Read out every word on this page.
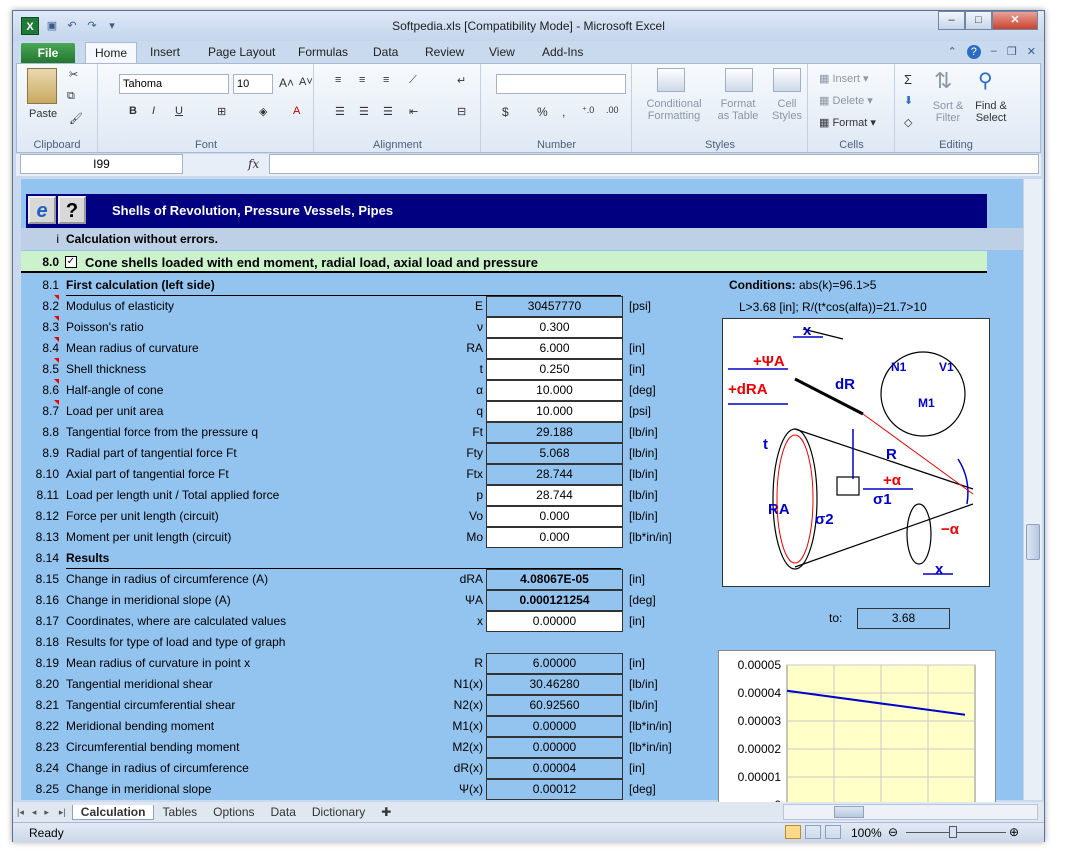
X	▣ ↶ ↷	▾	Softpedia.xls [Compatibility Mode] - Microsoft Excel	–	□	✕
File	Home	Insert Page Layout Formulas Data Review View Add-Ins	⌃	?	– ❐ ✕
Paste
✂
⧉
🖌
Clipboard
Tahoma	10	A˄ A˅
B I U	⊞	◈ A
Font
≡ ≡ ≡ ⟋	↵
☰ ☰ ☰ ⇤	⊟
Alignment
$ % , ⁺.0 .00
Number
Conditional
Formatting
Format
as Table
Cell
Styles
Styles
▦ Insert ▾
▦ Delete ▾
▦ Format ▾
Cells
Σ
⬇
◇
⇅
Sort &
Filter
⚲
Find &
Select
Editing
I99	fx
e ?	Shells of Revolution, Pressure Vessels, Pipes
i Calculation without errors.
8.0 ✓ Cone shells loaded with end moment, radial load, axial load and pressure
8.1 First calculation (left side)
8.2 Modulus of elasticity	E	30457770	[psi]
8.3 Poisson's ratio	ν	0.300
8.4 Mean radius of curvature	RA	6.000	[in]
8.5 Shell thickness	t	0.250	[in]
8.6 Half-angle of cone	α	10.000	[deg]
8.7 Load per unit area	q	10.000	[psi]
8.8 Tangential force from the pressure q	Ft	29.188	[lb/in]
8.9 Radial part of tangential force Ft	Fty	5.068	[lb/in]
8.10 Axial part of tangential force Ft	Ftx	28.744	[lb/in]
8.11 Load per length unit / Total applied force	p	28.744	[lb/in]
8.12 Force per unit length (circuit)	Vo	0.000	[lb/in]
8.13 Moment per unit length (circuit)	Mo	0.000	[lb*in/in]
8.14 Results
8.15 Change in radius of circumference (A)	dRA	4.08067E-05	[in]
8.16 Change in meridional slope (A)	ΨA	0.000121254	[deg]
8.17 Coordinates, where are calculated values	x	0.00000	[in]
8.18 Results for type of load and type of graph
8.19 Mean radius of curvature in point x	R	6.00000	[in]
8.20 Tangential meridional shear	N1(x)	30.46280	[lb/in]
8.21 Tangential circumferential shear	N2(x)	60.92560	[lb/in]
8.22 Meridional bending moment	M1(x)	0.00000	[lb*in/in]
8.23 Circumferential bending moment	M2(x)	0.00000	[lb*in/in]
8.24 Change in radius of circumference	dR(x)	0.00004	[in]
8.25 Change in meridional slope	Ψ(x)	0.00012	[deg]
Conditions: abs(k)=96.1>5
L>3.68 [in]; R/(t*cos(alfa))=21.7>10
+ΨA
+dRA
x
dR
t
R
+α
σ1
σ2
RA
−α
x
N1	V1
M1
to:	3.68
0.00005
0.00004
0.00003
0.00002
0.00001
|◂ ◂ ▸	▸|	Calculation	Tables	Options	Data	Dictionary	✚
Ready	100% ⊖	⊕
